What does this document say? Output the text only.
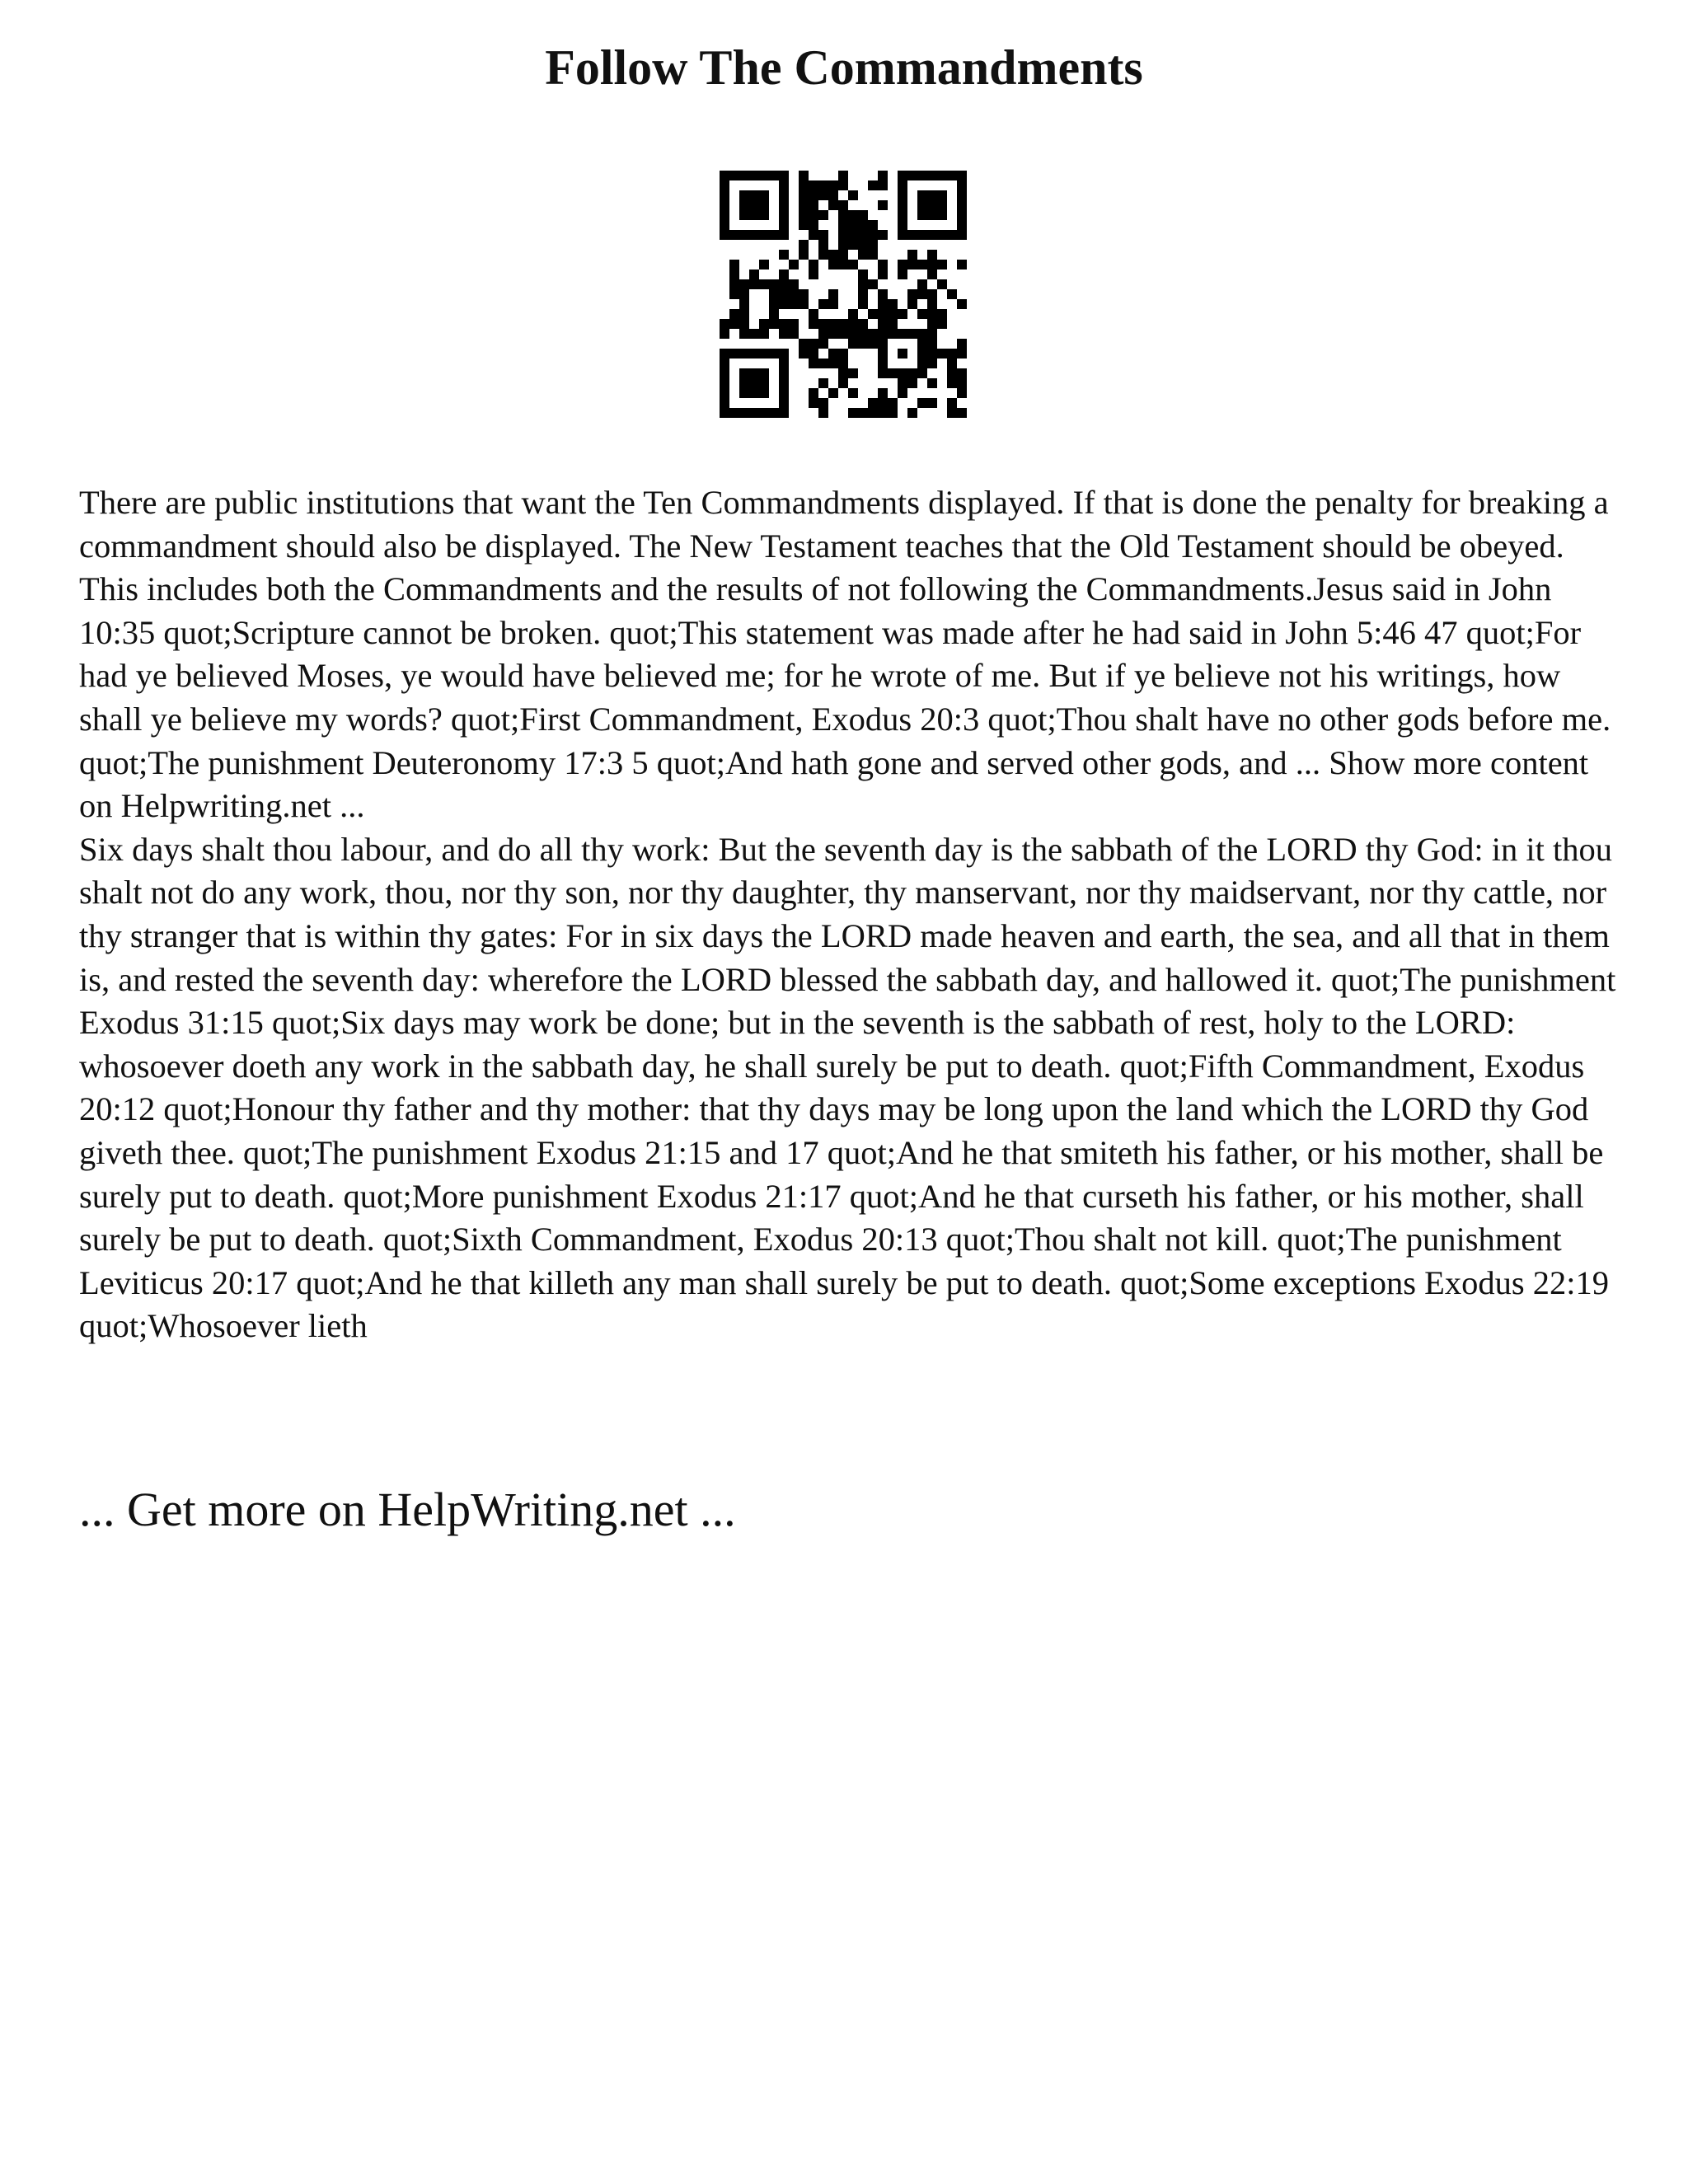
Follow The Commandments

There are public institutions that want the Ten Commandments displayed. If that is done the penalty for breaking a commandment should also be displayed. The New Testament teaches that the Old Testament should be obeyed. This includes both the Commandments and the results of not following the Commandments.Jesus said in John 10:35 quot;Scripture cannot be broken. quot;This statement was made after he had said in John 5:46 47 quot;For had ye believed Moses, ye would have believed me; for he wrote of me. But if ye believe not his writings, how shall ye believe my words? quot;First Commandment, Exodus 20:3 quot;Thou shalt have no other gods before me. quot;The punishment Deuteronomy 17:3 5 quot;And hath gone and served other gods, and ... Show more content on Helpwriting.net ...

Six days shalt thou labour, and do all thy work: But the seventh day is the sabbath of the LORD thy God: in it thou shalt not do any work, thou, nor thy son, nor thy daughter, thy manservant, nor thy maidservant, nor thy cattle, nor thy stranger that is within thy gates: For in six days the LORD made heaven and earth, the sea, and all that in them is, and rested the seventh day: wherefore the LORD blessed the sabbath day, and hallowed it. quot;The punishment Exodus 31:15 quot;Six days may work be done; but in the seventh is the sabbath of rest, holy to the LORD: whosoever doeth any work in the sabbath day, he shall surely be put to death. quot;Fifth Commandment, Exodus 20:12 quot;Honour thy father and thy mother: that thy days may be long upon the land which the LORD thy God giveth thee. quot;The punishment Exodus 21:15 and 17 quot;And he that smiteth his father, or his mother, shall be surely put to death. quot;More punishment Exodus 21:17 quot;And he that curseth his father, or his mother, shall surely be put to death. quot;Sixth Commandment, Exodus 20:13 quot;Thou shalt not kill. quot;The punishment Leviticus 20:17 quot;And he that killeth any man shall surely be put to death. quot;Some exceptions Exodus 22:19 quot;Whosoever lieth

... Get more on HelpWriting.net ...
